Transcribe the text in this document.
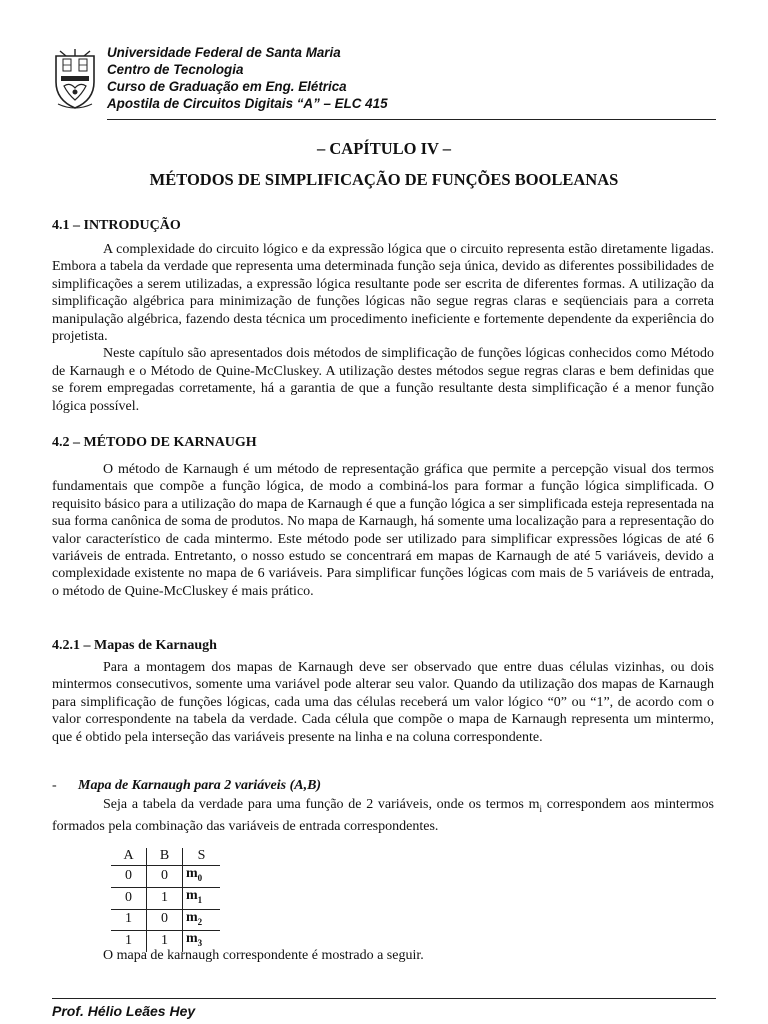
Universidade Federal de Santa Maria
Centro de Tecnologia
Curso de Graduação em Eng. Elétrica
Apostila de Circuitos Digitais “A” – ELC 415
– CAPÍTULO IV –
MÉTODOS DE SIMPLIFICAÇÃO DE FUNÇÕES BOOLEANAS
4.1 – INTRODUÇÃO

A complexidade do circuito lógico e da expressão lógica que o circuito representa estão diretamente ligadas. Embora a tabela da verdade que representa uma determinada função seja única, devido as diferentes possibilidades de simplificações a serem utilizadas, a expressão lógica resultante pode ser escrita de diferentes formas. A utilização da simplificação algébrica para minimização de funções lógicas não segue regras claras e seqüenciais para a correta manipulação algébrica, fazendo desta técnica um procedimento ineficiente e fortemente dependente da experiência do projetista.

Neste capítulo são apresentados dois métodos de simplificação de funções lógicas conhecidos como Método de Karnaugh e o Método de Quine-McCluskey. A utilização destes métodos segue regras claras e bem definidas que se forem empregadas corretamente, há a garantia de que a função resultante desta simplificação é a menor função lógica possível.

4.2 – MÉTODO DE KARNAUGH

O método de Karnaugh é um método de representação gráfica que permite a percepção visual dos termos fundamentais que compõe a função lógica, de modo a combiná-los para formar a função lógica simplificada. O requisito básico para a utilização do mapa de Karnaugh é que a função lógica a ser simplificada esteja representada na sua forma canônica de soma de produtos. No mapa de Karnaugh, há somente uma localização para a representação do valor característico de cada mintermo. Este método pode ser utilizado para simplificar expressões lógicas de até 6 variáveis de entrada. Entretanto, o nosso estudo se concentrará em mapas de Karnaugh de até 5 variáveis, devido a complexidade existente no mapa de 6 variáveis. Para simplificar funções lógicas com mais de 5 variáveis de entrada, o método de Quine-McCluskey é mais prático.

4.2.1 – Mapas de Karnaugh

Para a montagem dos mapas de Karnaugh deve ser observado que entre duas células vizinhas, ou dois mintermos consecutivos, somente uma variável pode alterar seu valor. Quando da utilização dos mapas de Karnaugh para simplificação de funções lógicas, cada uma das células receberá um valor lógico “0” ou “1”, de acordo com o valor correspondente na tabela da verdade. Cada célula que compõe o mapa de Karnaugh representa um mintermo, que é obtido pela interseção das variáveis presente na linha e na coluna correspondente.

- Mapa de Karnaugh para 2 variáveis (A,B)

Seja a tabela da verdade para uma função de 2 variáveis, onde os termos $m_i$ correspondem aos mintermos formados pela combinação das variáveis de entrada correspondentes.

A	B	S
0	0	$m_0$
0	1	$m_1$
1	0	$m_2$
1	1	$m_3$

O mapa de karnaugh correspondente é mostrado a seguir.

Prof. Hélio Leães Hey
